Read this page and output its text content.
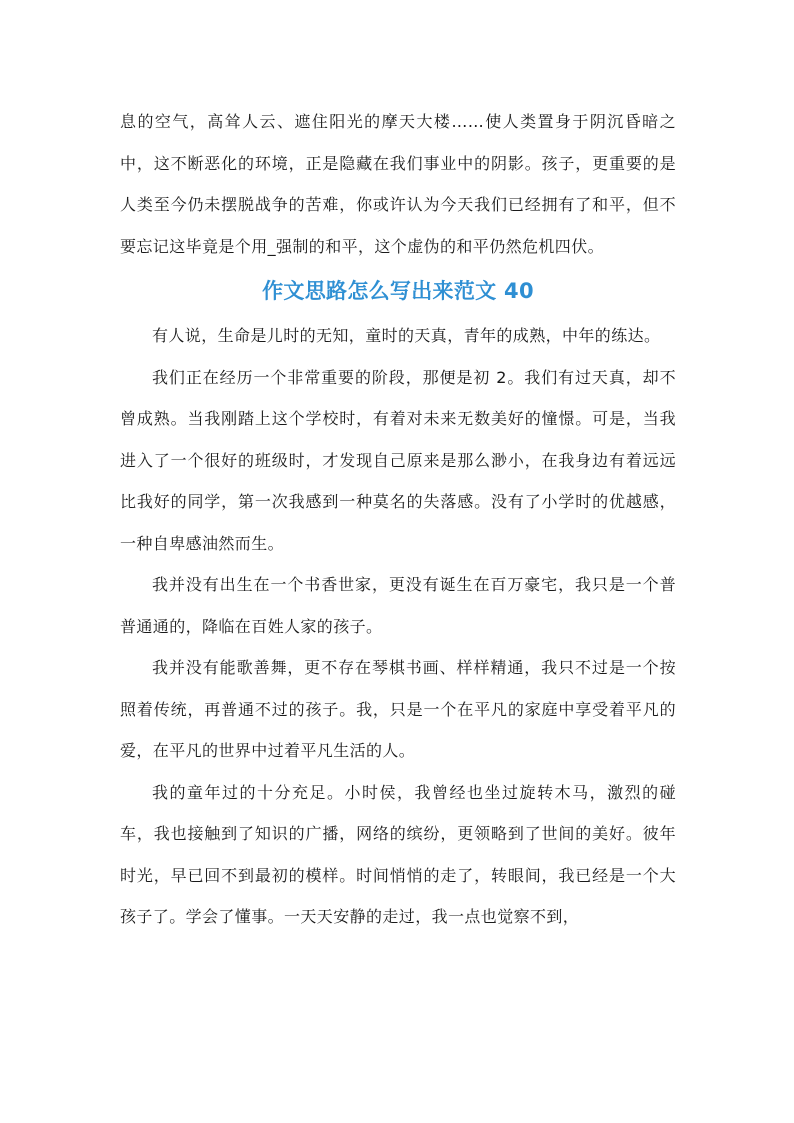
息的空气，高耸人云、遮住阳光的摩天大楼……使人类置身于阴沉昏暗之中，这不断恶化的环境，正是隐藏在我们事业中的阴影。孩子，更重要的是人类至今仍未摆脱战争的苦难，你或许认为今天我们已经拥有了和平，但不要忘记这毕竟是个用_强制的和平，这个虚伪的和平仍然危机四伏。

作文思路怎么写出来范文 40

有人说，生命是儿时的无知，童时的天真，青年的成熟，中年的练达。

我们正在经历一个非常重要的阶段，那便是初 2。我们有过天真，却不曾成熟。当我刚踏上这个学校时，有着对未来无数美好的憧憬。可是，当我进入了一个很好的班级时，才发现自己原来是那么渺小，在我身边有着远远比我好的同学，第一次我感到一种莫名的失落感。没有了小学时的优越感，一种自卑感油然而生。

我并没有出生在一个书香世家，更没有诞生在百万豪宅，我只是一个普普通通的，降临在百姓人家的孩子。

我并没有能歌善舞，更不存在琴棋书画、样样精通，我只不过是一个按照着传统，再普通不过的孩子。我，只是一个在平凡的家庭中享受着平凡的爱，在平凡的世界中过着平凡生活的人。

我的童年过的十分充足。小时侯，我曾经也坐过旋转木马，激烈的碰车，我也接触到了知识的广播，网络的缤纷，更领略到了世间的美好。彼年时光，早已回不到最初的模样。时间悄悄的走了，转眼间，我已经是一个大孩子了。学会了懂事。一天天安静的走过，我一点也觉察不到，
